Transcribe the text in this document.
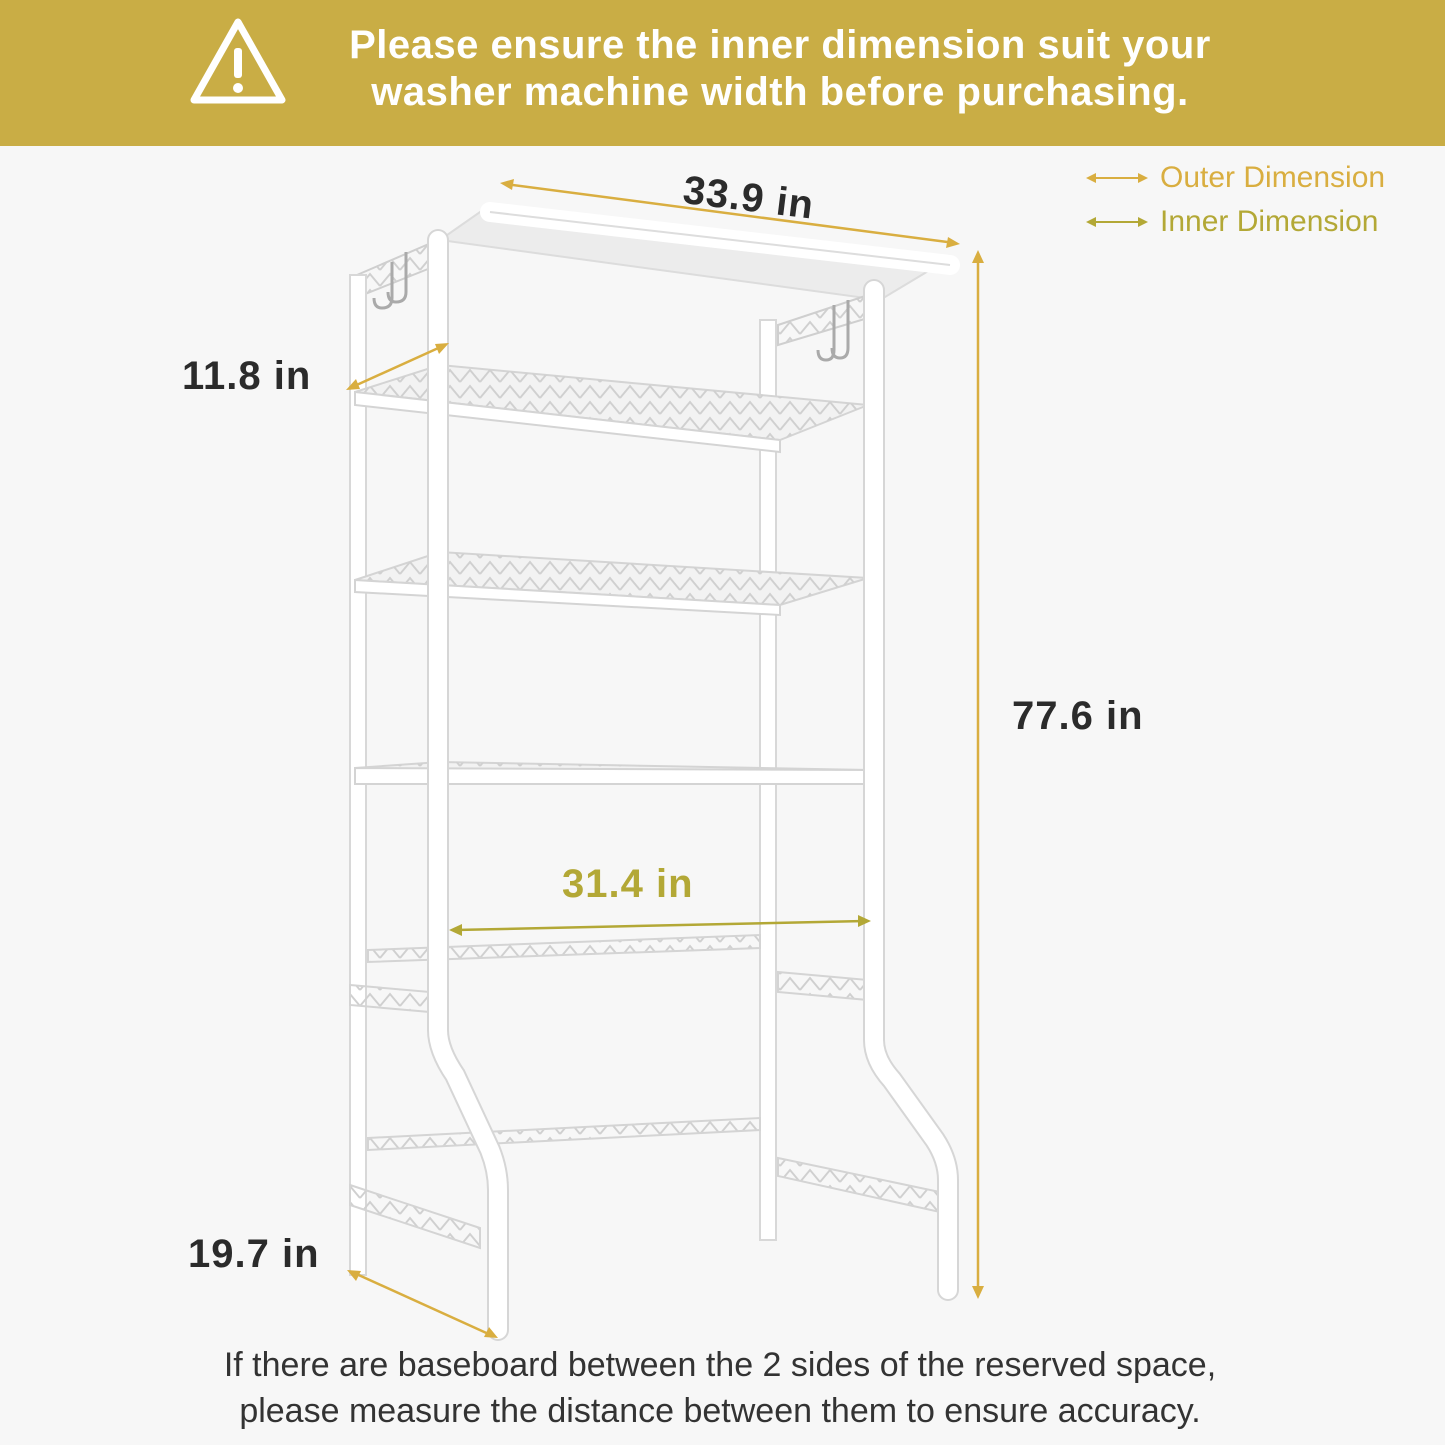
Please ensure the inner dimension suit your
washer machine width before purchasing.
Outer Dimension
Inner Dimension
33.9 in
11.8 in
77.6 in
31.4 in
19.7 in
If there are baseboard between the 2 sides of the reserved space,
please measure the distance between them to ensure accuracy.
